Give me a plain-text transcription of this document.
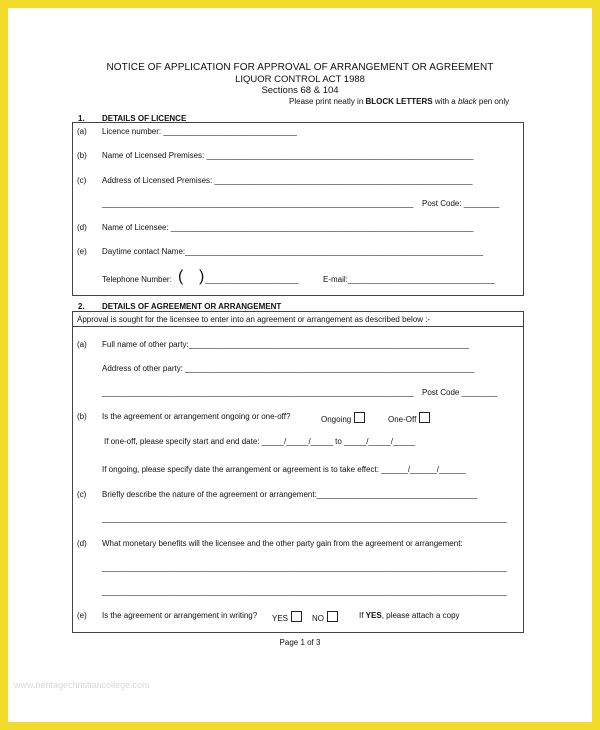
NOTICE OF APPLICATION FOR APPROVAL OF ARRANGEMENT OR AGREEMENT
LIQUOR CONTROL ACT 1988
Sections 68 & 104
Please print neatly in BLOCK LETTERS with a black pen only
1. DETAILS OF LICENCE
(a) Licence number: ______________________________
(b) Name of Licensed Premises: ____________________________________________________________
(c) Address of Licensed Premises: __________________________________________________________
______________________________________________________________________ Post Code: ________
(d) Name of Licensee: ____________________________________________________________________
(e) Daytime contact Name:___________________________________________________________________
Telephone Number: ( ) _____________________	E-mail:_________________________________
2. DETAILS OF AGREEMENT OR ARRANGEMENT
Approval is sought for the licensee to enter into an agreement or arrangement as described below :-
(a) Full name of other party:_______________________________________________________________
Address of other party: _________________________________________________________________
______________________________________________________________________ Post Code ________
(b) Is the agreement or arrangement ongoing or one-off?	Ongoing	One-Off
If one-off, please specify start and end date: _____/_____/_____ to _____/_____/_____
If ongoing, please specify date the arrangement or agreement is to take effect: ______/______/______
(c) Briefly describe the nature of the agreement or arrangement:____________________________________
___________________________________________________________________________________________
(d) What monetary benefits will the licensee and the other party gain from the agreement or arrangement:
___________________________________________________________________________________________
___________________________________________________________________________________________
(e) Is the agreement or arrangement in writing? YES	NO	If YES, please attach a copy
Page 1 of 3
www.heritagechristiancollege.com
